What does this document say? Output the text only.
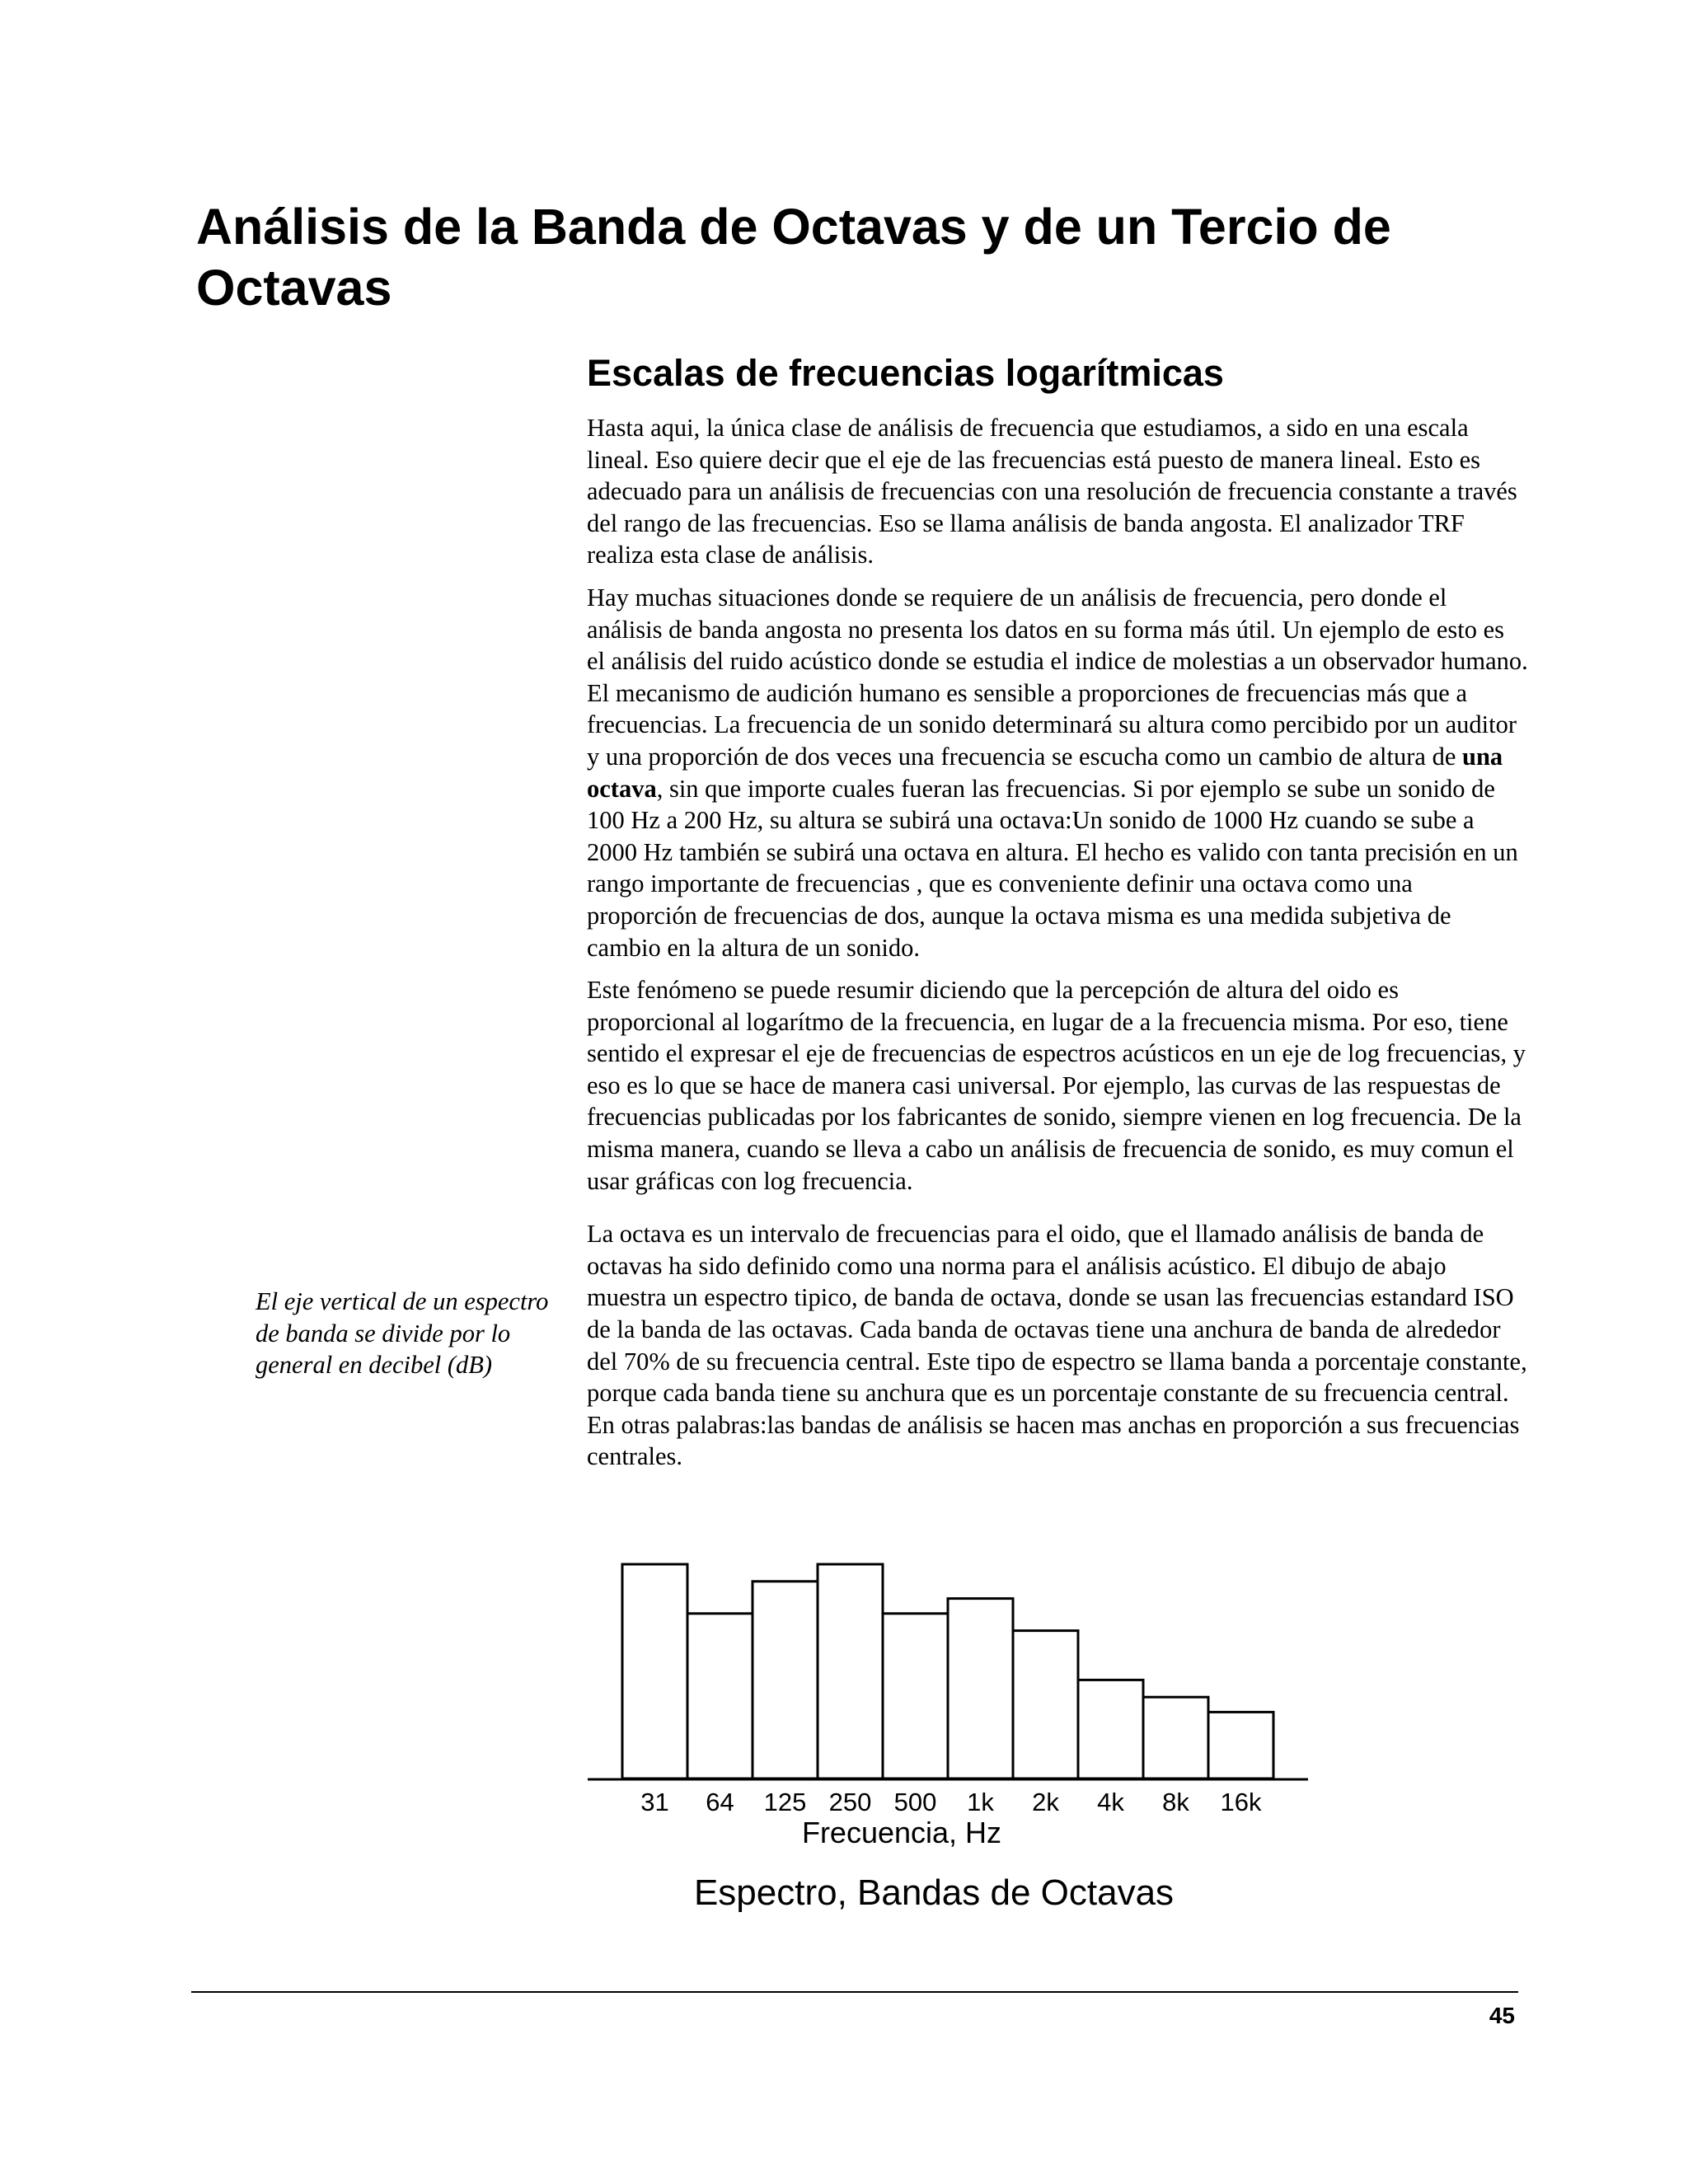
Análisis de la Banda de Octavas y de un Tercio de Octavas
Escalas de frecuencias logarítmicas

Hasta aqui, la única clase de análisis de frecuencia que estudiamos, a sido en una escala lineal. Eso quiere decir que el eje de las frecuencias está puesto de manera lineal. Esto es adecuado para un análisis de frecuencias con una resolución de frecuencia constante a través del rango de las frecuencias. Eso se llama análisis de banda angosta. El analizador TRF realiza esta clase de análisis.

Hay muchas situaciones donde se requiere de un análisis de frecuencia, pero donde el análisis de banda angosta no presenta los datos en su forma más útil. Un ejemplo de esto es el análisis del ruido acústico donde se estudia el indice de molestias a un observador humano. El mecanismo de audición humano es sensible a proporciones de frecuencias más que a frecuencias. La frecuencia de un sonido determinará su altura como percibido por un auditor y una proporción de dos veces una frecuencia se escucha como un cambio de altura de una octava, sin que importe cuales fueran las frecuencias. Si por ejemplo se sube un sonido de 100 Hz a 200 Hz, su altura se subirá una octava:Un sonido de 1000 Hz cuando se sube a 2000 Hz también se subirá una octava en altura. El hecho es valido con tanta precisión en un rango importante de frecuencias , que es conveniente definir una octava como una proporción de frecuencias de dos, aunque la octava misma es una medida subjetiva de cambio en la altura de un sonido.

Este fenómeno se puede resumir diciendo que la percepción de altura del oido es proporcional al logarítmo de la frecuencia, en lugar de a la frecuencia misma. Por eso, tiene sentido el expresar el eje de frecuencias de espectros acústicos en un eje de log frecuencias, y eso es lo que se hace de manera casi universal. Por ejemplo, las curvas de las respuestas de frecuencias publicadas por los fabricantes de sonido, siempre vienen en log frecuencia. De la misma manera, cuando se lleva a cabo un análisis de frecuencia de sonido, es muy comun el usar gráficas con log frecuencia.

La octava es un intervalo de frecuencias para el oido, que el llamado análisis de banda de octavas ha sido definido como una norma para el análisis acústico. El dibujo de abajo muestra un espectro tipico, de banda de octava, donde se usan las frecuencias estandard ISO de la banda de las octavas. Cada banda de octavas tiene una anchura de banda de alrededor del 70% de su frecuencia central. Este tipo de espectro se llama banda a porcentaje constante, porque cada banda tiene su anchura que es un porcentaje constante de su frecuencia central. En otras palabras:las bandas de análisis se hacen mas anchas en proporción a sus frecuencias centrales.

El eje vertical de un espectro de banda se divide por lo general en decibel (dB)

31 64 125 250 500 1k 2k 4k 8k 16k
Frecuencia, Hz
Espectro, Bandas de Octavas
45
